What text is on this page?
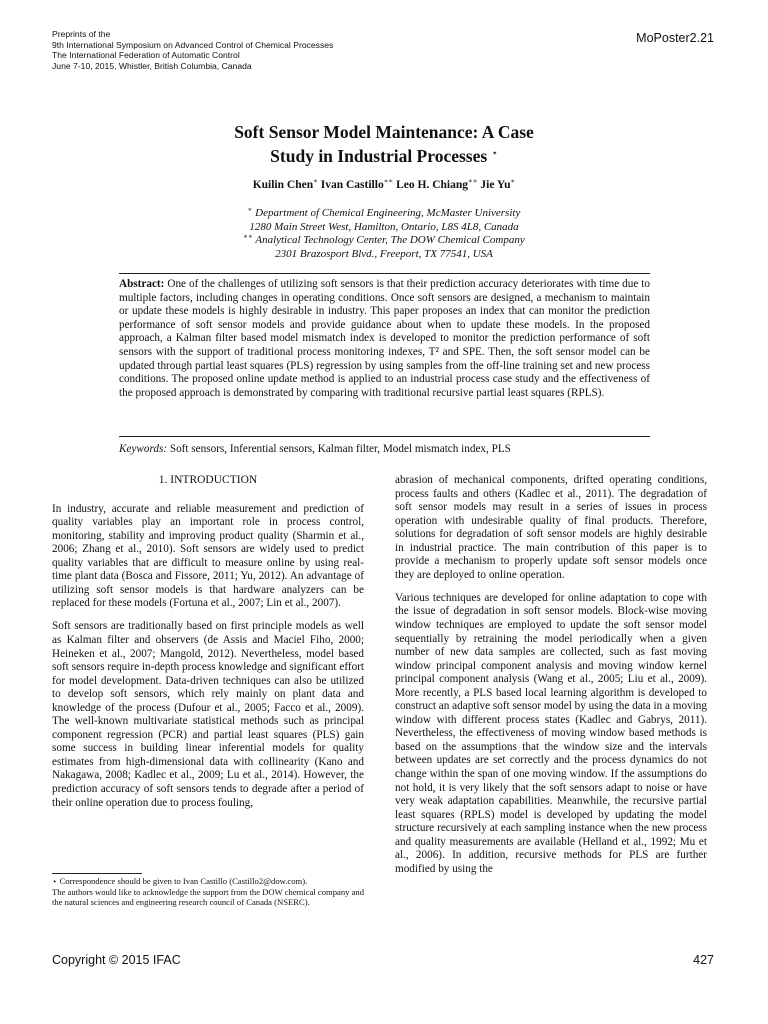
Preprints of the
9th International Symposium on Advanced Control of Chemical Processes
The International Federation of Automatic Control
June 7-10, 2015, Whistler, British Columbia, Canada
MoPoster2.21
Soft Sensor Model Maintenance: A Case
Study in Industrial Processes ⋆
Kuilin Chen∗ Ivan Castillo∗∗ Leo H. Chiang∗∗ Jie Yu∗
∗ Department of Chemical Engineering, McMaster University
1280 Main Street West, Hamilton, Ontario, L8S 4L8, Canada
∗∗ Analytical Technology Center, The DOW Chemical Company
2301 Brazosport Blvd., Freeport, TX 77541, USA
Abstract: One of the challenges of utilizing soft sensors is that their prediction accuracy deteriorates with time due to multiple factors, including changes in operating conditions. Once soft sensors are designed, a mechanism to maintain or update these models is highly desirable in industry. This paper proposes an index that can monitor the prediction performance of soft sensor models and provide guidance about when to update these models. In the proposed approach, a Kalman filter based model mismatch index is developed to monitor the prediction performance of soft sensors with the support of traditional process monitoring indexes, T² and SPE. Then, the soft sensor model can be updated through partial least squares (PLS) regression by using samples from the off-line training set and new process conditions. The proposed online update method is applied to an industrial process case study and the effectiveness of the proposed approach is demonstrated by comparing with traditional recursive partial least squares (RPLS).
Keywords: Soft sensors, Inferential sensors, Kalman filter, Model mismatch index, PLS
1. INTRODUCTION

In industry, accurate and reliable measurement and prediction of quality variables play an important role in process control, monitoring, stability and improving product quality (Sharmin et al., 2006; Zhang et al., 2010). Soft sensors are widely used to predict quality variables that are difficult to measure online by using real-time plant data (Bosca and Fissore, 2011; Yu, 2012). An advantage of utilizing soft sensor models is that hardware analyzers can be replaced for these models (Fortuna et al., 2007; Lin et al., 2007).

Soft sensors are traditionally based on first principle models as well as Kalman filter and observers (de Assis and Maciel Fiho, 2000; Heineken et al., 2007; Mangold, 2012). Nevertheless, model based soft sensors require in-depth process knowledge and significant effort for model development. Data-driven techniques can also be utilized to develop soft sensors, which rely mainly on plant data and knowledge of the process (Dufour et al., 2005; Facco et al., 2009). The well-known multivariate statistical methods such as principal component regression (PCR) and partial least squares (PLS) gain some success in building linear inferential models for quality estimates from high-dimensional data with collinearity (Kano and Nakagawa, 2008; Kadlec et al., 2009; Lu et al., 2014). However, the prediction accuracy of soft sensors tends to degrade after a period of their online operation due to process fouling,

abrasion of mechanical components, drifted operating conditions, process faults and others (Kadlec et al., 2011). The degradation of soft sensor models may result in a series of issues in process operation with undesirable quality of final products. Therefore, solutions for degradation of soft sensor models are highly desirable in industrial practice. The main contribution of this paper is to provide a mechanism to properly update soft sensor models once they are deployed to online operation.

Various techniques are developed for online adaptation to cope with the issue of degradation in soft sensor models. Block-wise moving window techniques are employed to update the soft sensor model sequentially by retraining the model periodically when a given number of new data samples are collected, such as fast moving window principal component analysis and moving window kernel principal component analysis (Wang et al., 2005; Liu et al., 2009). More recently, a PLS based local learning algorithm is developed to construct an adaptive soft sensor model by using the data in a moving window with different process states (Kadlec and Gabrys, 2011). Nevertheless, the effectiveness of moving window based methods is based on the assumptions that the window size and the intervals between updates are set correctly and the process dynamics do not change within the span of one moving window. If the assumptions do not hold, it is very likely that the soft sensors adapt to noise or have very weak adaptation capabilities. Meanwhile, the recursive partial least squares (RPLS) model is developed by updating the model structure recursively at each sampling instance when the new process and quality measurements are available (Helland et al., 1992; Mu et al., 2006). In addition, recursive methods for PLS are further modified by using the

⋆ Correspondence should be given to Ivan Castillo (Castillo2@dow.com).

The authors would like to acknowledge the support from the DOW chemical company and the natural sciences and engineering research council of Canada (NSERC).

Copyright © 2015 IFAC	427
